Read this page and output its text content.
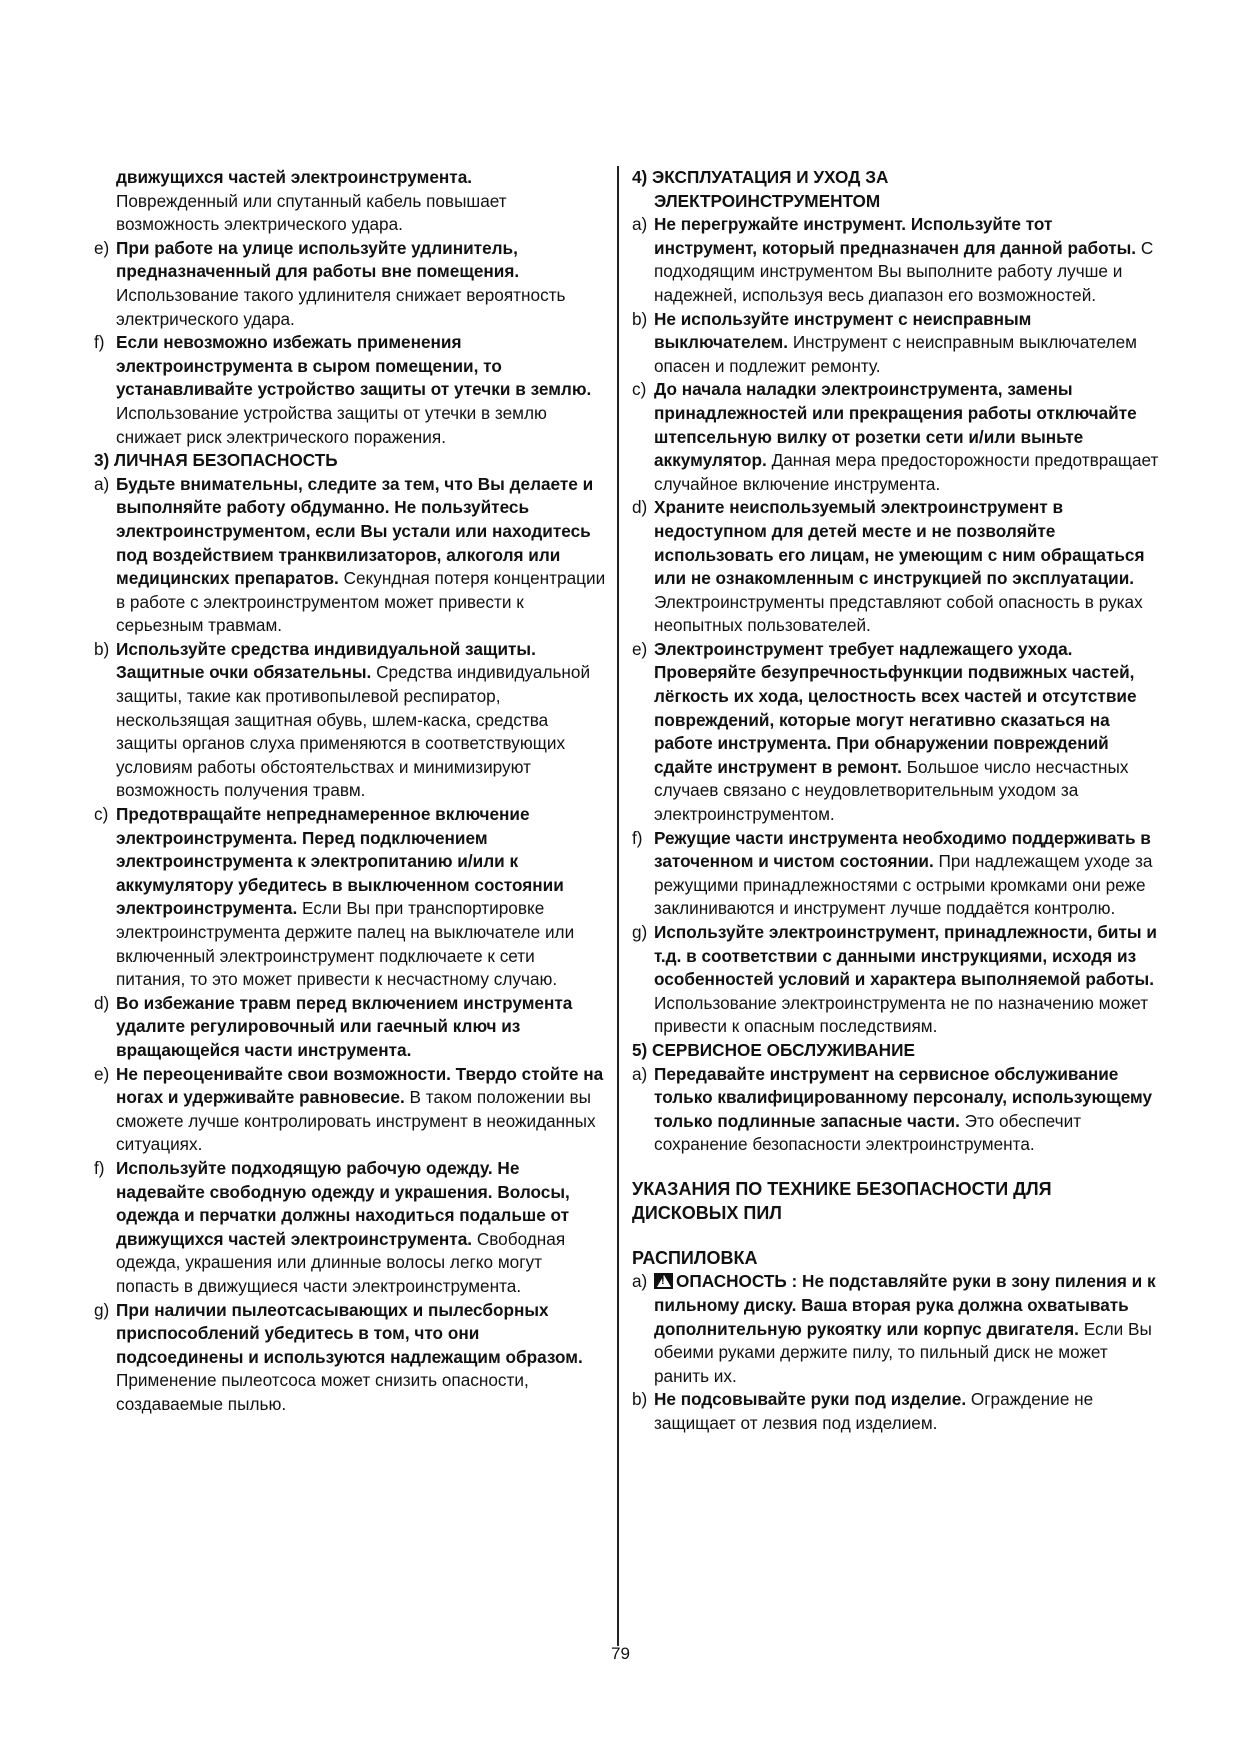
движущихся частей электроинструмента.
Поврежденный или спутанный кабель повышает возможность электрического удара.
e) При работе на улице используйте удлинитель, предназначенный для работы вне помещения. Использование такого удлинителя снижает вероятность электрического удара.
f) Если невозможно избежать применения электроинструмента в сыром помещении, то устанавливайте устройство защиты от утечки в землю. Использование устройства защиты от утечки в землю снижает риск электрического поражения.
3) ЛИЧНАЯ БЕЗОПАСНОСТЬ
a) Будьте внимательны, следите за тем, что Вы делаете и выполняйте работу обдуманно. Не пользуйтесь электроинструментом, если Вы устали или находитесь под воздействием транквилизаторов, алкоголя или медицинских препаратов. Секундная потеря концентрации в работе с электроинструментом может привести к серьезным травмам.
b) Используйте средства индивидуальной защиты. Защитные очки обязательны. Средства индивидуальной защиты, такие как противопылевой респиратор, нескользящая защитная обувь, шлем-каска, средства защиты органов слуха применяются в соответствующих условиям работы обстоятельствах и минимизируют возможность получения травм.
c) Предотвращайте непреднамеренное включение электроинструмента. Перед подключением электроинструмента к электропитанию и/или к аккумулятору убедитесь в выключенном состоянии электроинструмента. Если Вы при транспортировке электроинструмента держите палец на выключателе или включенный электроинструмент подключаете к сети питания, то это может привести к несчастному случаю.
d) Во избежание травм перед включением инструмента удалите регулировочный или гаечный ключ из вращающейся части инструмента.
e) Не переоценивайте свои возможности. Твердо стойте на ногах и удерживайте равновесие. В таком положении вы сможете лучше контролировать инструмент в неожиданных ситуациях.
f) Используйте подходящую рабочую одежду. Не надевайте свободную одежду и украшения. Волосы, одежда и перчатки должны находиться подальше от движущихся частей электроинструмента. Свободная одежда, украшения или длинные волосы легко могут попасть в движущиеся части электроинструмента.
g) При наличии пылеотсасывающих и пылесборных приспособлений убедитесь в том, что они подсоединены и используются надлежащим образом. Применение пылеотсоса может снизить опасности, создаваемые пылью.
4) ЭКСПЛУАТАЦИЯ И УХОД ЗА
ЭЛЕКТРОИНСТРУМЕНТОМ
a) Не перегружайте инструмент. Используйте тот инструмент, который предназначен для данной работы. С подходящим инструментом Вы выполните работу лучше и надежней, используя весь диапазон его возможностей.
b) Не используйте инструмент с неисправным выключателем. Инструмент с неисправным выключателем опасен и подлежит ремонту.
c) До начала наладки электроинструмента, замены принадлежностей или прекращения работы отключайте штепсельную вилку от розетки сети и/или выньте аккумулятор. Данная мера предосторожности предотвращает случайное включение инструмента.
d) Храните неиспользуемый электроинструмент в недоступном для детей месте и не позволяйте использовать его лицам, не умеющим с ним обращаться или не ознакомленным с инструкцией по эксплуатации.
Электроинструменты представляют собой опасность в руках неопытных пользователей.
e) Электроинструмент требует надлежащего ухода. Проверяйте безупречностьфункции подвижных частей, лёгкость их хода, целостность всех частей и отсутствие повреждений, которые могут негативно сказаться на работе инструмента. При обнаружении повреждений сдайте инструмент в ремонт. Большое число несчастных случаев связано с неудовлетворительным уходом за электроинструментом.
f) Режущие части инструмента необходимо поддерживать в заточенном и чистом состоянии. При надлежащем уходе за режущими принадлежностями с острыми кромками они реже заклиниваются и инструмент лучше поддаётся контролю.
g) Используйте электроинструмент, принадлежности, биты и т.д. в соответствии с данными инструкциями, исходя из особенностей условий и характера выполняемой работы. Использование электроинструмента не по назначению может привести к опасным последствиям.
5) СЕРВИСНОЕ ОБСЛУЖИВАНИЕ
a) Передавайте инструмент на сервисное обслуживание только квалифицированному персоналу, использующему только подлинные запасные части. Это обеспечит сохранение безопасности электроинструмента.
УКАЗАНИЯ ПО ТЕХНИКЕ БЕЗОПАСНОСТИ ДЛЯ ДИСКОВЫХ ПИЛ
РАСПИЛОВКА
a)
! ОПАСНОСТЬ : Не подставляйте руки в зону пиления и к пильному диску. Ваша вторая рука должна охватывать дополнительную рукоятку или корпус двигателя. Если Вы обеими руками держите пилу, то пильный диск не может ранить их.
b) Не подсовывайте руки под изделие. Ограждение не защищает от лезвия под изделием.
79
